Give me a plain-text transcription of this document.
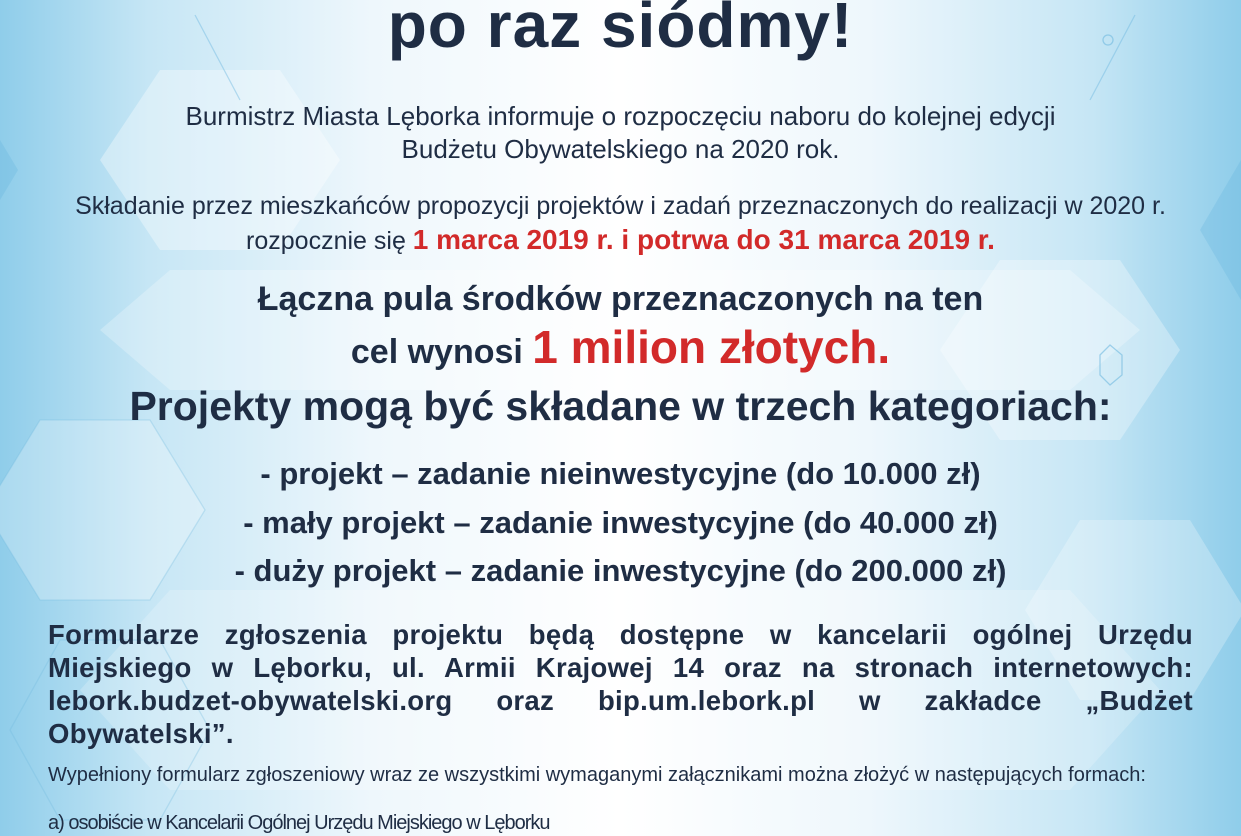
po raz siódmy!
Burmistrz Miasta Lęborka informuje o rozpoczęciu naboru do kolejnej edycji
Budżetu Obywatelskiego na 2020 rok.
Składanie przez mieszkańców propozycji projektów i zadań przeznaczonych do realizacji w 2020 r.
rozpocznie się 1 marca 2019 r. i potrwa do 31 marca 2019 r.
Łączna pula środków przeznaczonych na ten
cel wynosi 1 milion złotych.
Projekty mogą być składane w trzech kategoriach:
- projekt – zadanie nieinwestycyjne (do 10.000 zł)
- mały projekt – zadanie inwestycyjne (do 40.000 zł)
- duży projekt – zadanie inwestycyjne (do 200.000 zł)
Formularze zgłoszenia projektu będą dostępne w kancelarii ogólnej Urzędu Miejskiego w Lęborku, ul. Armii Krajowej 14 oraz na stronach internetowych: lebork.budzet-obywatelski.org oraz bip.um.lebork.pl w zakładce „Budżet Obywatelski”.
Wypełniony formularz zgłoszeniowy wraz ze wszystkimi wymaganymi załącznikami można złożyć w następujących formach:
a) osobiście w Kancelarii Ogólnej Urzędu Miejskiego w Lęborku
